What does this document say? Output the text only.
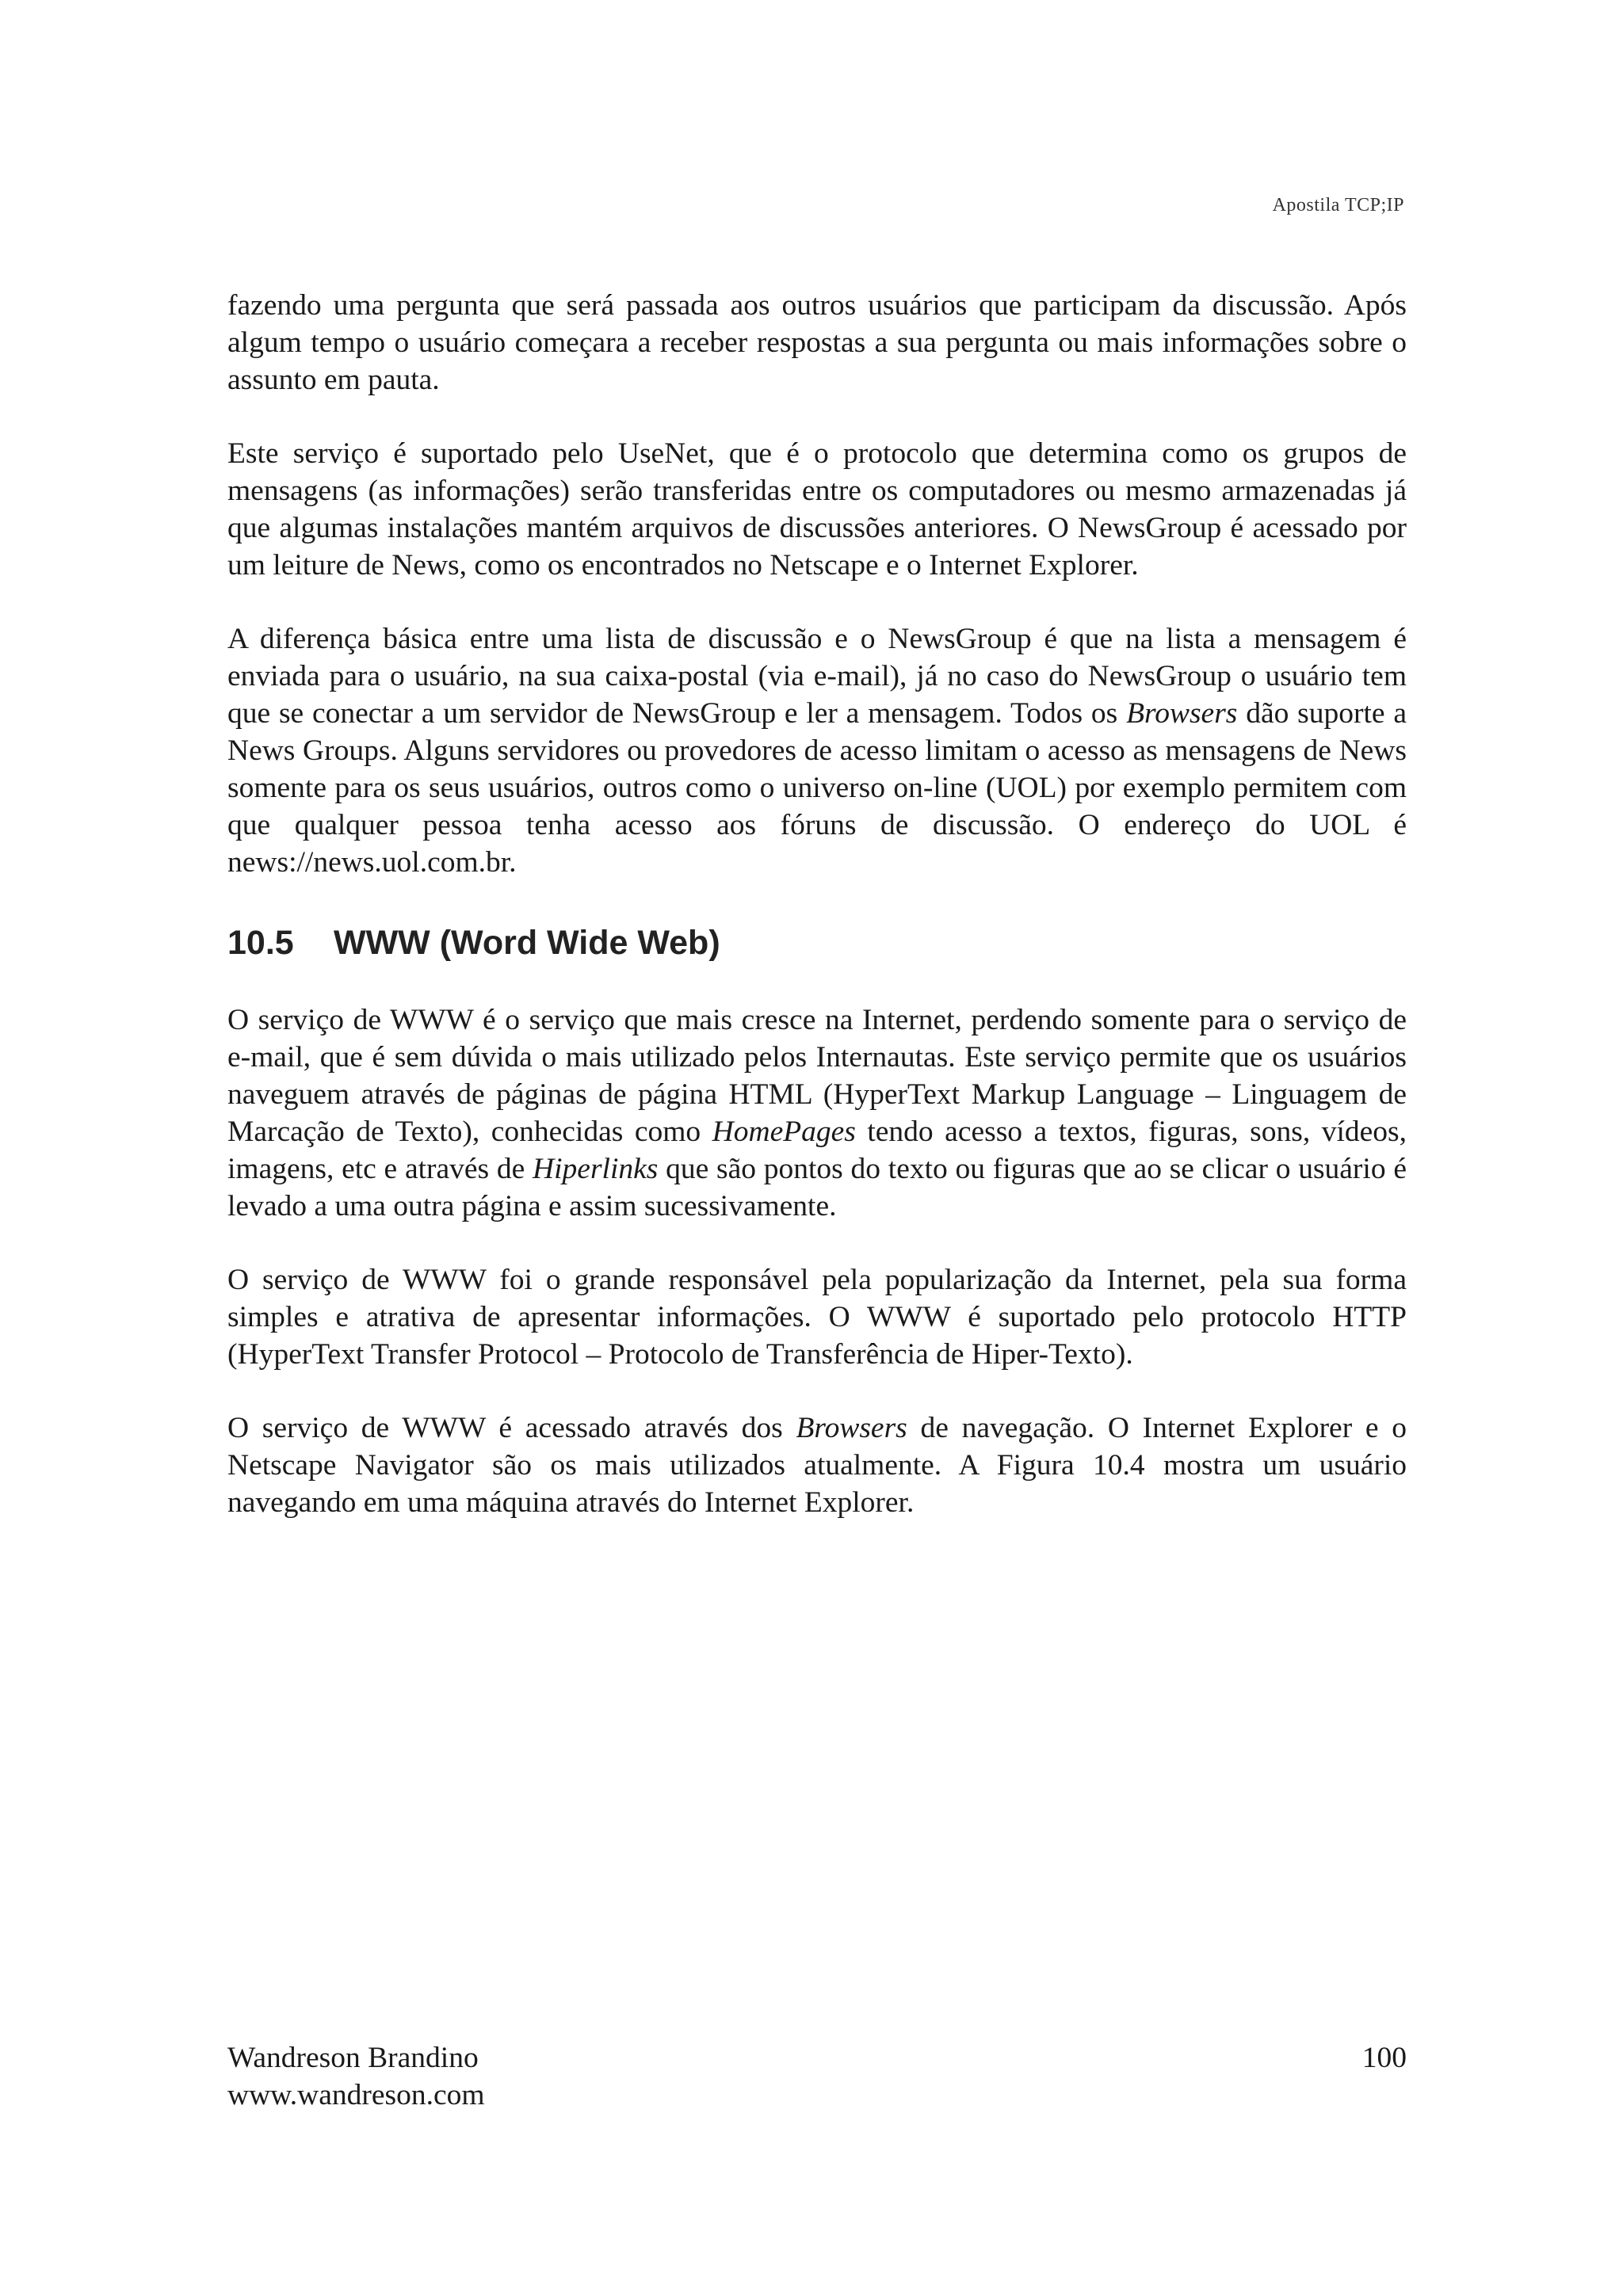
Apostila TCP;IP

fazendo uma pergunta que será passada aos outros usuários que participam da discussão. Após algum tempo o usuário começara a receber respostas a sua pergunta ou mais informações sobre o assunto em pauta.

Este serviço é suportado pelo UseNet, que é o protocolo que determina como os grupos de mensagens (as informações) serão transferidas entre os computadores ou mesmo armazenadas já que algumas instalações mantém arquivos de discussões anteriores. O NewsGroup é acessado por um leiture de News, como os encontrados no Netscape e o Internet Explorer.

A diferença básica entre uma lista de discussão e o NewsGroup é que na lista a mensagem é enviada para o usuário, na sua caixa-postal (via e-mail), já no caso do NewsGroup o usuário tem que se conectar a um servidor de NewsGroup e ler a mensagem. Todos os Browsers dão suporte a News Groups. Alguns servidores ou provedores de acesso limitam o acesso as mensagens de News somente para os seus usuários, outros como o universo on-line (UOL) por exemplo permitem com que qualquer pessoa tenha acesso aos fóruns de discussão. O endereço do UOL é news://news.uol.com.br.

10.5 WWW (Word Wide Web)

O serviço de WWW é o serviço que mais cresce na Internet, perdendo somente para o serviço de e-mail, que é sem dúvida o mais utilizado pelos Internautas. Este serviço permite que os usuários naveguem através de páginas de página HTML (HyperText Markup Language – Linguagem de Marcação de Texto), conhecidas como HomePages tendo acesso a textos, figuras, sons, vídeos, imagens, etc e através de Hiperlinks que são pontos do texto ou figuras que ao se clicar o usuário é levado a uma outra página e assim sucessivamente.

O serviço de WWW foi o grande responsável pela popularização da Internet, pela sua forma simples e atrativa de apresentar informações. O WWW é suportado pelo protocolo HTTP (HyperText Transfer Protocol – Protocolo de Transferência de Hiper-Texto).

O serviço de WWW é acessado através dos Browsers de navegação. O Internet Explorer e o Netscape Navigator são os mais utilizados atualmente. A Figura 10.4 mostra um usuário navegando em uma máquina através do Internet Explorer.

Wandreson Brandino
www.wandreson.com
100
